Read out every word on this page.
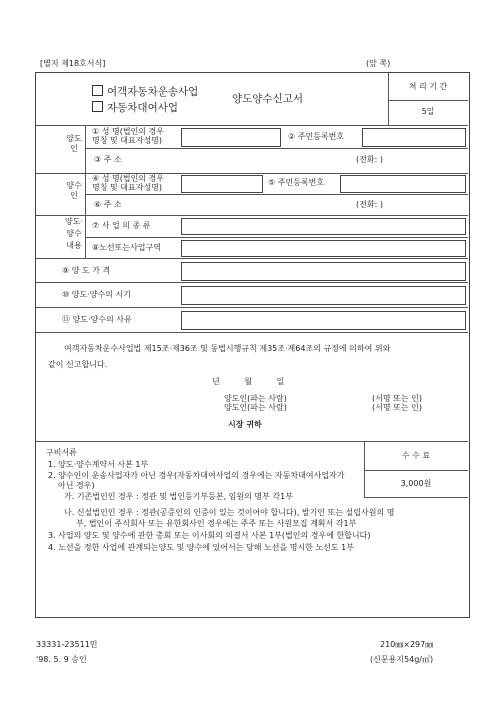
[별지 제18호서식]	(앞 쪽)
여객자동차운송사업
자동차대여사업
양도양수신고서
처 리 기 간
5일
양도인
① 성 명(법인의 경우
명칭 및 대표자성명)	② 주민등록번호
③ 주 소	(전화: )
양수인
④ 성 명(법인의 경우
명칭 및 대표자성명)
⑤ 주민등록번호
⑥ 주 소	(전화: )
양도·
양수
내용
⑦ 사 업 의 종 류
⑧노선또는사업구역
⑨ 양 도 가 격
⑩ 양도·양수의 시기
⑪ 양도·양수의 사유
여객자동차운수사업법 제15조·제36조 및 동법시행규칙 제35조·제64조의 규정에 의하여 위와
같이 신고합니다.
년 월 일
양도인(파는 사람)	(서명 또는 인)
양도인(파는 사람)	(서명 또는 인)
시장 귀하
구비서류
1. 양도·양수계약서 사본 1부
2. 양수인이 운송사업자가 아닌 경우(자동차대여사업의 경우에는 자동차대여사업자가
아닌 경우)
가. 기존법인인 경우 : 정관 및 법인등기부등본, 임원의 명부 각1부
나. 신설법인인 경우 : 정관(공증인의 인증이 있는 것이어야 합니다), 발기인 또는 설립사원의 명
부, 법인이 주식회사 또는 유한회사인 경우에는 주주 또는 사원모집 계획서 각1부
3. 사업의 양도 및 양수에 관한 총회 또는 이사회의 의결서 사본 1부(법인의 경우에 한합니다)
4. 노선을 정한 사업에 관계되는양도 및 양수에 있어서는 당해 노선을 명시한 노선도 1부
수 수 료
3,000원
33331-23511민
'98. 5. 9 승인
210㎜×297㎜
(신문용지54g/㎡)
